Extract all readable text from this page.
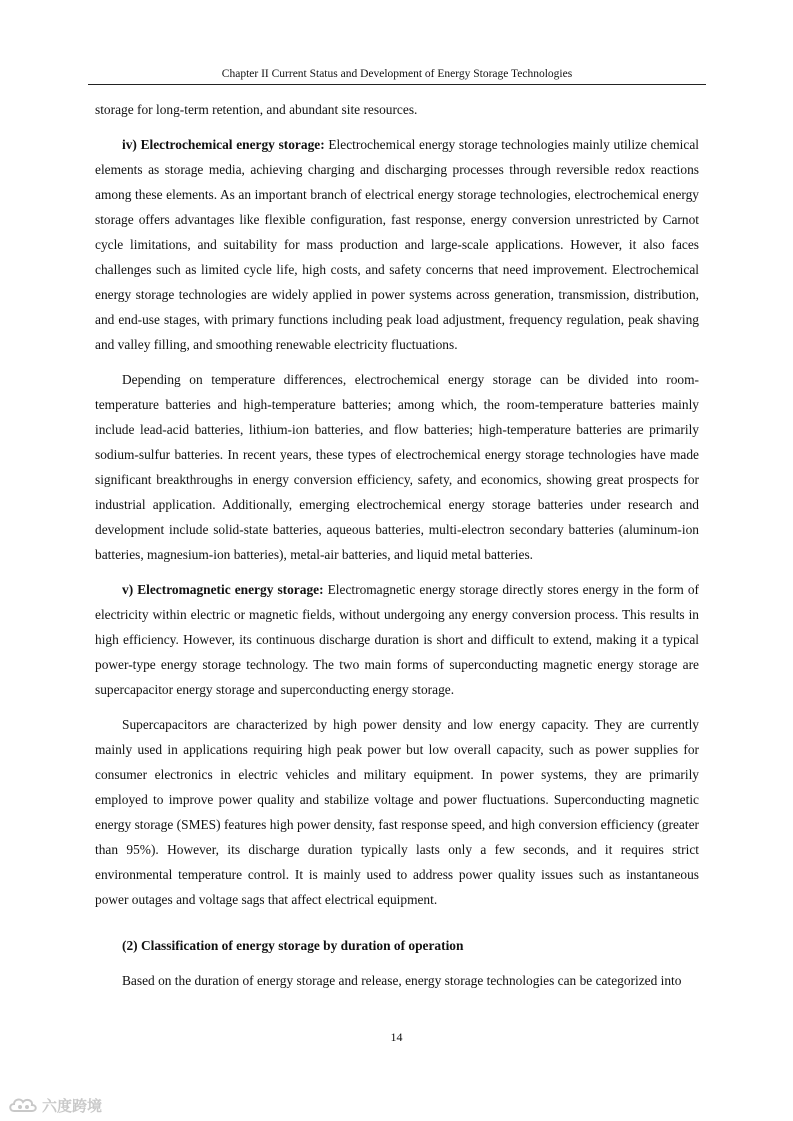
Chapter II Current Status and Development of Energy Storage Technologies

storage for long-term retention, and abundant site resources.

iv) Electrochemical energy storage: Electrochemical energy storage technologies mainly utilize chemical elements as storage media, achieving charging and discharging processes through reversible redox reactions among these elements. As an important branch of electrical energy storage technologies, electrochemical energy storage offers advantages like flexible configuration, fast response, energy conversion unrestricted by Carnot cycle limitations, and suitability for mass production and large-scale applications. However, it also faces challenges such as limited cycle life, high costs, and safety concerns that need improvement. Electrochemical energy storage technologies are widely applied in power systems across generation, transmission, distribution, and end-use stages, with primary functions including peak load adjustment, frequency regulation, peak shaving and valley filling, and smoothing renewable electricity fluctuations.

Depending on temperature differences, electrochemical energy storage can be divided into room-temperature batteries and high-temperature batteries; among which, the room-temperature batteries mainly include lead-acid batteries, lithium-ion batteries, and flow batteries; high-temperature batteries are primarily sodium-sulfur batteries. In recent years, these types of electrochemical energy storage technologies have made significant breakthroughs in energy conversion efficiency, safety, and economics, showing great prospects for industrial application. Additionally, emerging electrochemical energy storage batteries under research and development include solid-state batteries, aqueous batteries, multi-electron secondary batteries (aluminum-ion batteries, magnesium-ion batteries), metal-air batteries, and liquid metal batteries.

v) Electromagnetic energy storage: Electromagnetic energy storage directly stores energy in the form of electricity within electric or magnetic fields, without undergoing any energy conversion process. This results in high efficiency. However, its continuous discharge duration is short and difficult to extend, making it a typical power-type energy storage technology. The two main forms of superconducting magnetic energy storage are supercapacitor energy storage and superconducting energy storage.

Supercapacitors are characterized by high power density and low energy capacity. They are currently mainly used in applications requiring high peak power but low overall capacity, such as power supplies for consumer electronics in electric vehicles and military equipment. In power systems, they are primarily employed to improve power quality and stabilize voltage and power fluctuations. Superconducting magnetic energy storage (SMES) features high power density, fast response speed, and high conversion efficiency (greater than 95%). However, its discharge duration typically lasts only a few seconds, and it requires strict environmental temperature control. It is mainly used to address power quality issues such as instantaneous power outages and voltage sags that affect electrical equipment.

(2) Classification of energy storage by duration of operation

Based on the duration of energy storage and release, energy storage technologies can be categorized into

14
六度跨境
